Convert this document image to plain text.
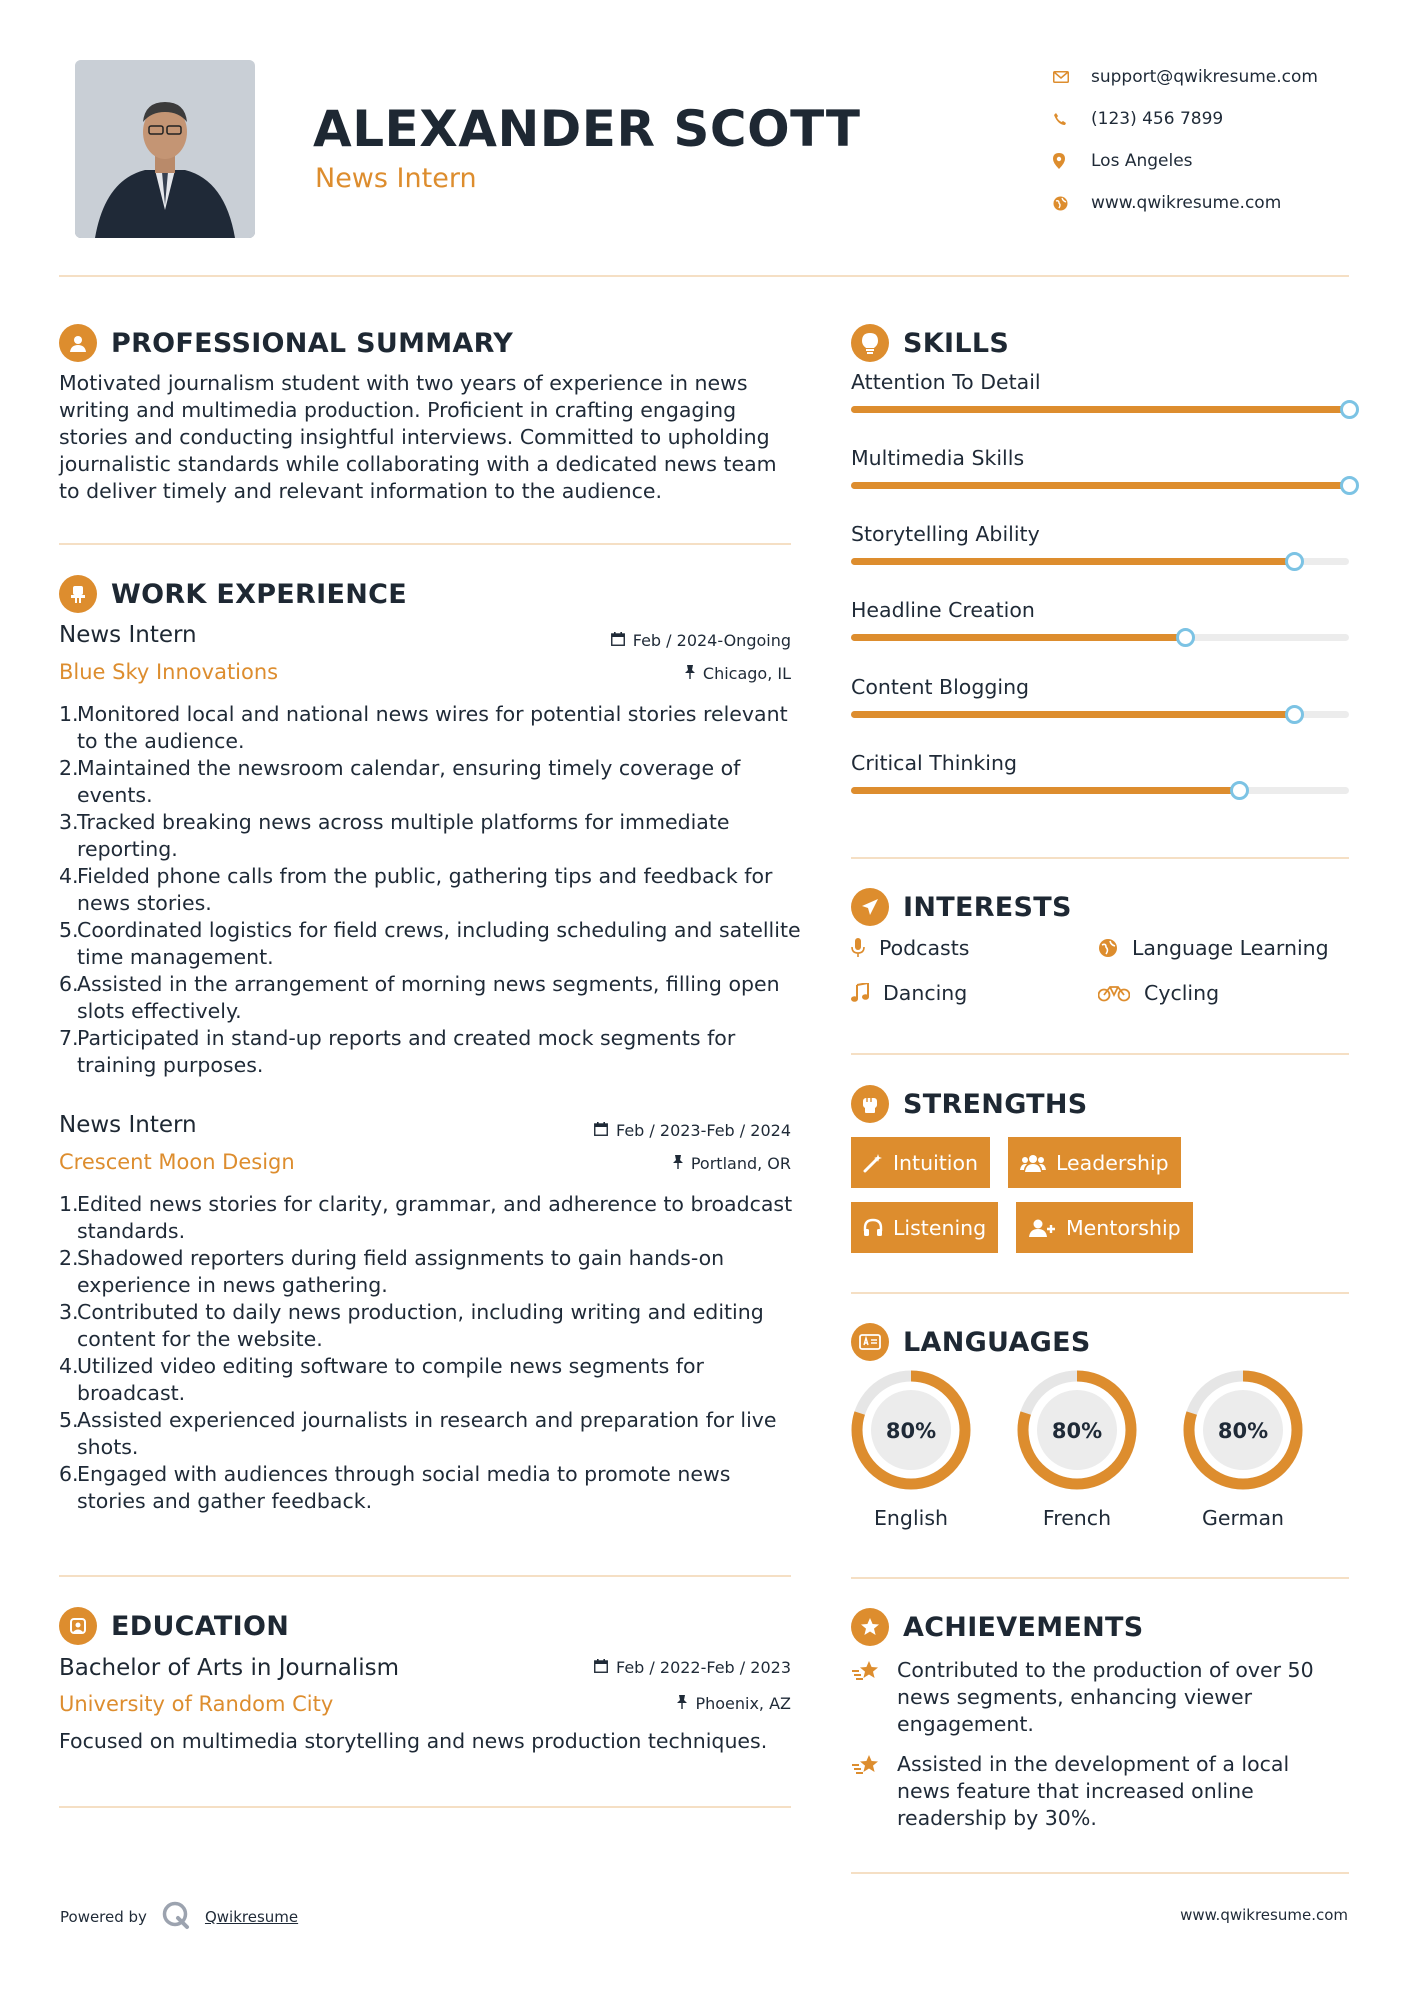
ALEXANDER SCOTT
News Intern
support@qwikresume.com
(123) 456 7899
Los Angeles
www.qwikresume.com
PROFESSIONAL SUMMARY
Motivated journalism student with two years of experience in news writing and multimedia production. Proficient in crafting engaging stories and conducting insightful interviews. Committed to upholding journalistic standards while collaborating with a dedicated news team to deliver timely and relevant information to the audience.
WORK EXPERIENCE
News Intern	Feb / 2024-Ongoing
Blue Sky Innovations	Chicago, IL
Monitored local and national news wires for potential stories relevant to the audience.
Maintained the newsroom calendar, ensuring timely coverage of events.
Tracked breaking news across multiple platforms for immediate reporting.
Fielded phone calls from the public, gathering tips and feedback for news stories.
Coordinated logistics for field crews, including scheduling and satellite time management.
Assisted in the arrangement of morning news segments, filling open slots effectively.
Participated in stand-up reports and created mock segments for training purposes.
News Intern	Feb / 2023-Feb / 2024
Crescent Moon Design	Portland, OR
Edited news stories for clarity, grammar, and adherence to broadcast standards.
Shadowed reporters during field assignments to gain hands-on experience in news gathering.
Contributed to daily news production, including writing and editing content for the website.
Utilized video editing software to compile news segments for broadcast.
Assisted experienced journalists in research and preparation for live shots.
Engaged with audiences through social media to promote news stories and gather feedback.
EDUCATION
Bachelor of Arts in Journalism	Feb / 2022-Feb / 2023
University of Random City	Phoenix, AZ
Focused on multimedia storytelling and news production techniques.
SKILLS
Attention To Detail
Multimedia Skills
Storytelling Ability
Headline Creation
Content Blogging
Critical Thinking
INTERESTS
Podcasts	Language Learning
Dancing	Cycling
STRENGTHS
Intuition	Leadership
Listening	Mentorship
LANGUAGES
80%
English
80%
French
80%
German
ACHIEVEMENTS
Contributed to the production of over 50 news segments, enhancing viewer engagement.
Assisted in the development of a local news feature that increased online readership by 30%.
Powered by	Qwikresume	www.qwikresume.com
